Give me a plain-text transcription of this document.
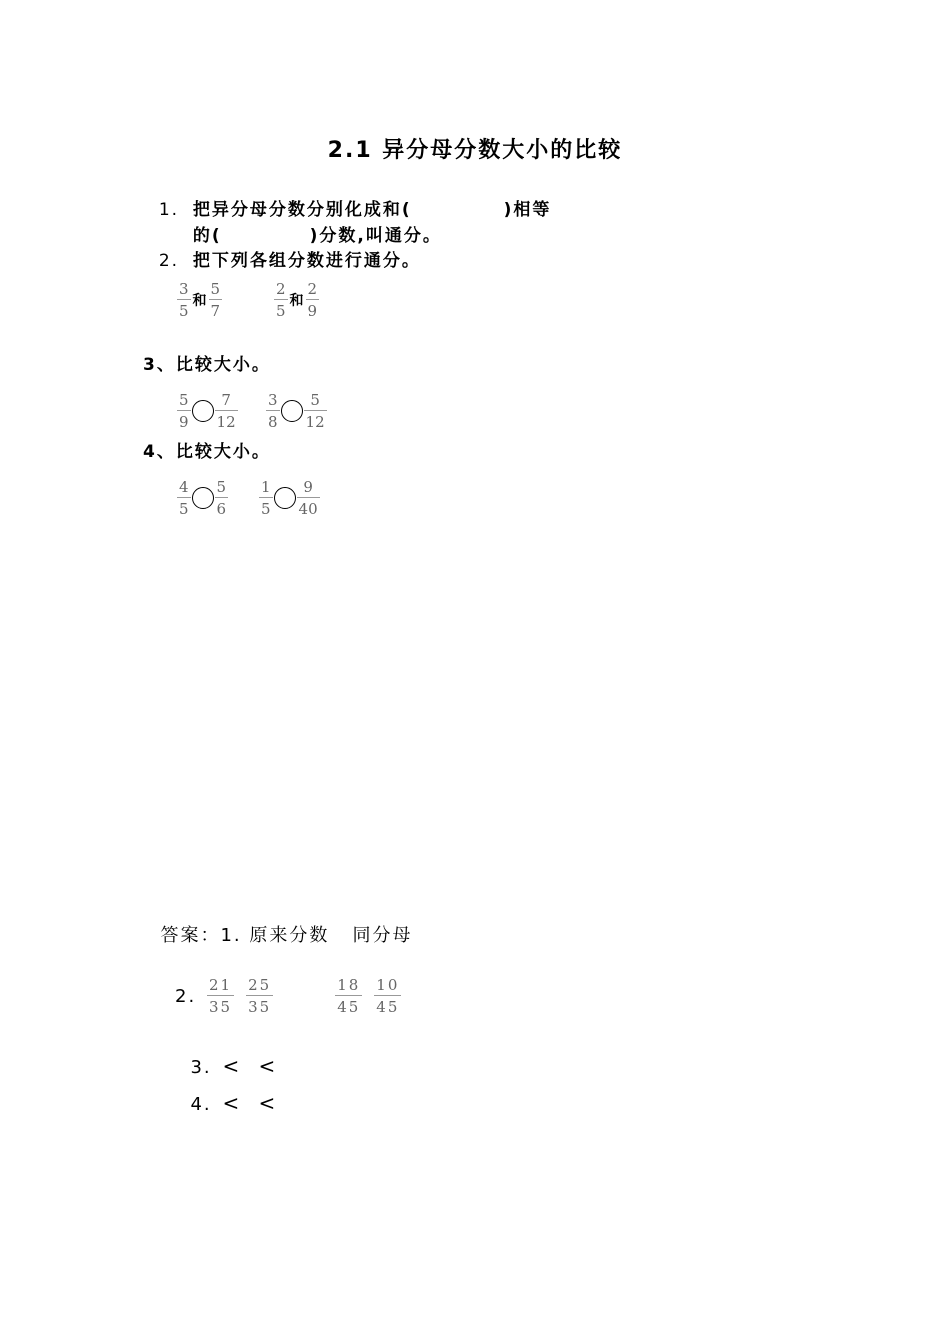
2.1 异分母分数大小的比较

1. 把异分母分数分别化成和(	)相等

的(	)分数,叫通分。

2. 把下列各组分数进行通分。

$\frac{3}{5}$ 和 $\frac{5}{7}$	$\frac{2}{5}$ 和 $\frac{2}{9}$
3、比较大小。
$\frac{5}{9} \frac{7}{12} \frac{3}{8} \frac{5}{12}$
4、比较大小。
$\frac{4}{5} \frac{5}{6} \frac{1}{5} \frac{9}{40}$

答案：1. 原来分数   同分母

2. $\frac{21}{35} \frac{25}{35}$	$\frac{18}{45} \frac{10}{45}$

3. < <

4. < <
